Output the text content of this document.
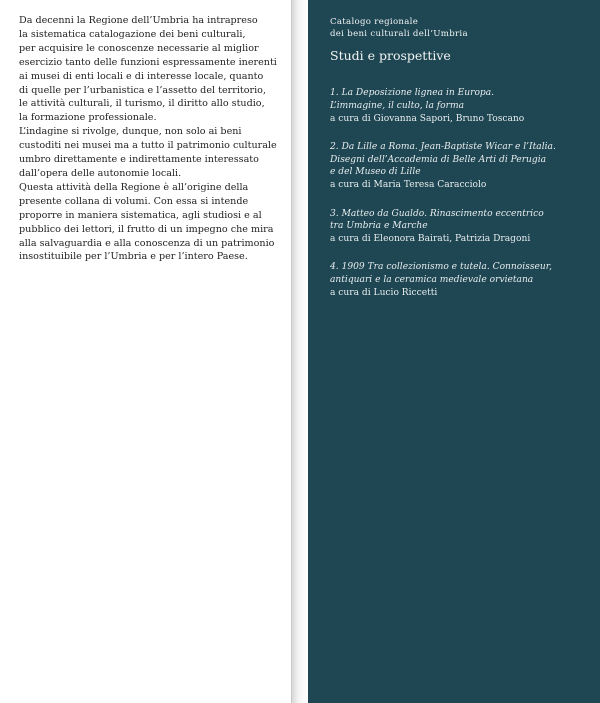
Da decenni la Regione dell’Umbria ha intrapreso

la sistematica catalogazione dei beni culturali,

per acquisire le conoscenze necessarie al miglior

esercizio tanto delle funzioni espressamente inerenti

ai musei di enti locali e di interesse locale, quanto

di quelle per l’urbanistica e l’assetto del territorio,

le attività culturali, il turismo, il diritto allo studio,

la formazione professionale.

L’indagine si rivolge, dunque, non solo ai beni

custoditi nei musei ma a tutto il patrimonio culturale

umbro direttamente e indirettamente interessato

dall’opera delle autonomie locali.

Questa attività della Regione è all’origine della

presente collana di volumi. Con essa si intende

proporre in maniera sistematica, agli studiosi e al

pubblico dei lettori, il frutto di un impegno che mira

alla salvaguardia e alla conoscenza di un patrimonio

insostituibile per l’Umbria e per l’intero Paese.

Catalogo regionale
dei beni culturali dell’Umbria
Studi e prospettive
1. La Deposizione lignea in Europa.
L’immagine, il culto, la forma
a cura di Giovanna Sapori, Bruno Toscano
2. Da Lille a Roma. Jean-Baptiste Wicar e l’Italia.
Disegni dell’Accademia di Belle Arti di Perugia
e del Museo di Lille
a cura di Maria Teresa Caracciolo
3. Matteo da Gualdo. Rinascimento eccentrico
tra Umbria e Marche
a cura di Eleonora Bairati, Patrizia Dragoni
4. 1909 Tra collezionismo e tutela. Connoisseur,
antiquari e la ceramica medievale orvietana
a cura di Lucio Riccetti
